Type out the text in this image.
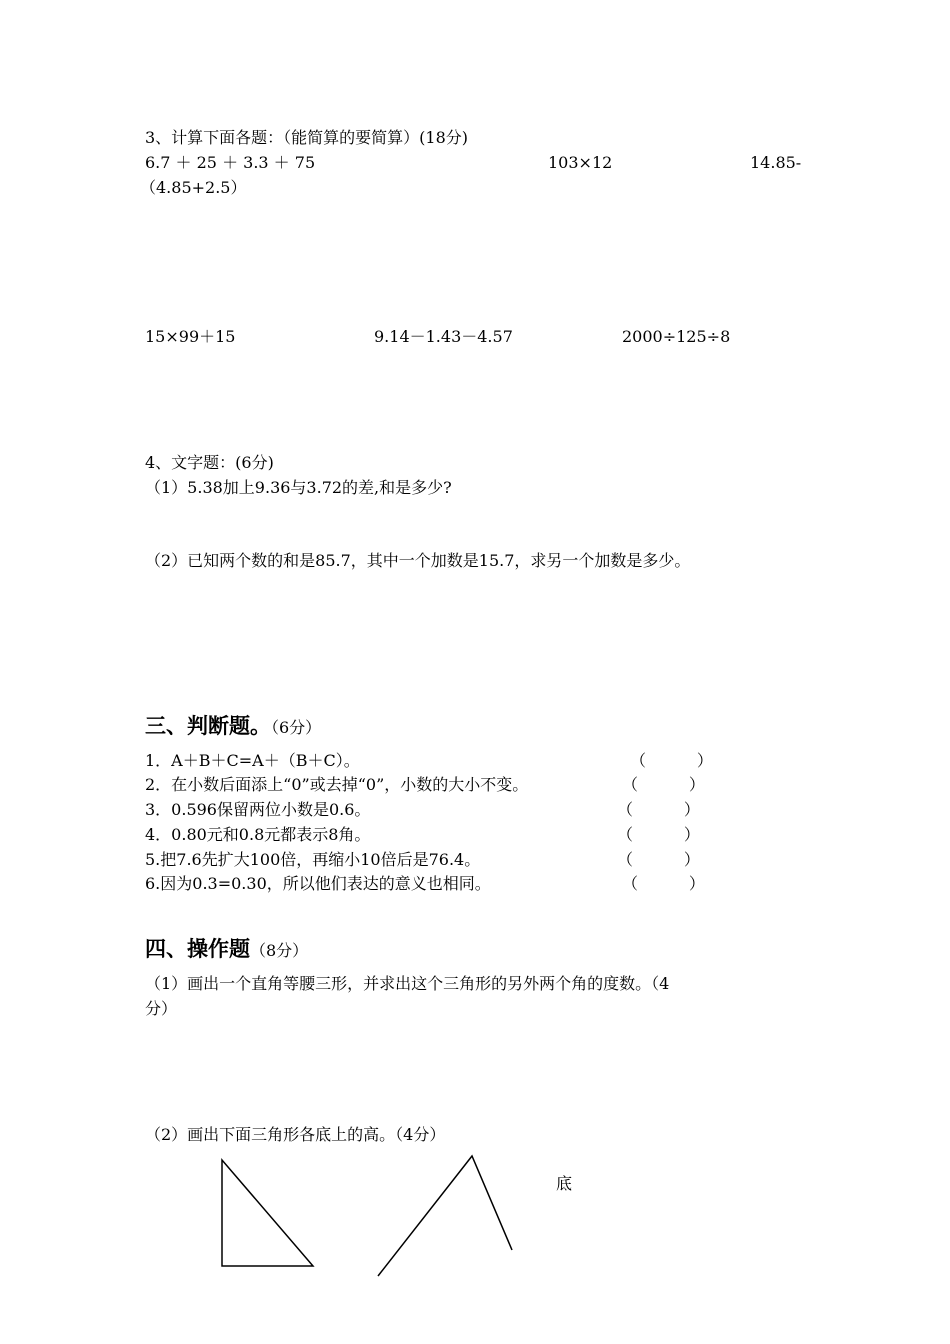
3、计算下面各题：（能简算的要简算）(18分)
6.7 ＋ 25 ＋ 3.3 ＋ 75	103×12	14.85-
（4.85+2.5）
15×99＋15	9.14－1.43－4.57	2000÷125÷8
4、文字题：(6分)
（1）5.38加上9.36与3.72的差,和是多少?
（2）已知两个数的和是85.7，其中一个加数是15.7，求另一个加数是多少。
三、判断题。（6分）
1．A＋B＋C=A＋（B＋C）。	（          ）
2．在小数后面添上“0”或去掉“0”，小数的大小不变。	（          ）
3．0.596保留两位小数是0.6。	（          ）
4．0.80元和0.8元都表示8角。	（          ）
5.把7.6先扩大100倍，再缩小10倍后是76.4。	（          ）
6.因为0.3=0.30，所以他们表达的意义也相同。	（          ）
四、操作题（8分）
（1）画出一个直角等腰三形，并求出这个三角形的另外两个角的度数。（4
分）
（2）画出下面三角形各底上的高。（4分）
底
